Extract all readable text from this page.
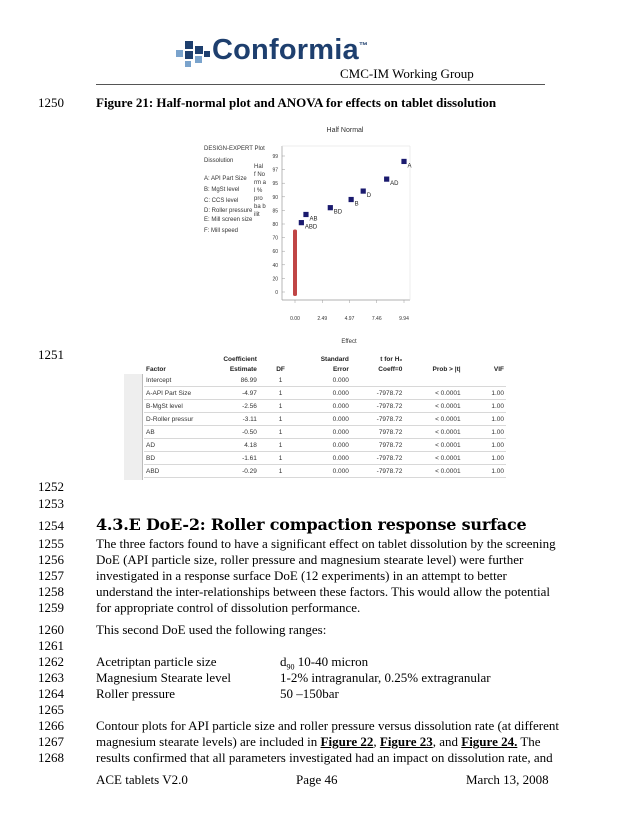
Conformia™
CMC-IM Working Group
1250
1251
1252
1253
1254
1255
1256
1257
1258
1259
1260
1261
1262
1263
1264
1265
1266
1267
1268
Figure 21: Half-normal plot and ANOVA for effects on tablet dissolution
DESIGN-EXPERT Plot
Dissolution
A: API Part Size
B: MgSt level
C: CCS level
D: Roller pressure
E: Mill screen size
F: Mill speed
Hal f No rm al % pro ba bilit
Half Normal
0
20
40
60
70
80
85
90
95
97
99
0.00	2.49	4.97	7.46	9.94
A
AD
D
B
BD
AB
ABD
Effect
	Coefficient		Standard	t for H₀		
Factor	Estimate	DF	Error	Coeff=0	Prob > |t|	VIF
Intercept	86.99	1	0.000			
A-API Part Size	-4.97	1	0.000	-7978.72	< 0.0001	1.00
B-MgSt level	-2.56	1	0.000	-7978.72	< 0.0001	1.00
D-Roller pressur	-3.11	1	0.000	-7978.72	< 0.0001	1.00
AB	-0.50	1	0.000	7978.72	< 0.0001	1.00
AD	4.18	1	0.000	7978.72	< 0.0001	1.00
BD	-1.61	1	0.000	-7978.72	< 0.0001	1.00
ABD	-0.29	1	0.000	-7978.72	< 0.0001	1.00
4.3.E DoE-2: Roller compaction response surface
The three factors found to have a significant effect on tablet dissolution by the screening
DoE (API particle size, roller pressure and magnesium stearate level) were further
investigated in a response surface DoE (12 experiments) in an attempt to better
understand the inter-relationships between these factors. This would allow the potential
for appropriate control of dissolution performance.
This second DoE used the following ranges:
Acetriptan particle size	$d_{90}$ 10-40 micron
Magnesium Stearate level	1-2% intragranular, 0.25% extragranular
Roller pressure	50 –150bar
Contour plots for API particle size and roller pressure versus dissolution rate (at different
magnesium stearate levels) are included in Figure 22, Figure 23, and Figure 24. The
results confirmed that all parameters investigated had an impact on dissolution rate, and
ACE tablets V2.0	Page 46	March 13, 2008
